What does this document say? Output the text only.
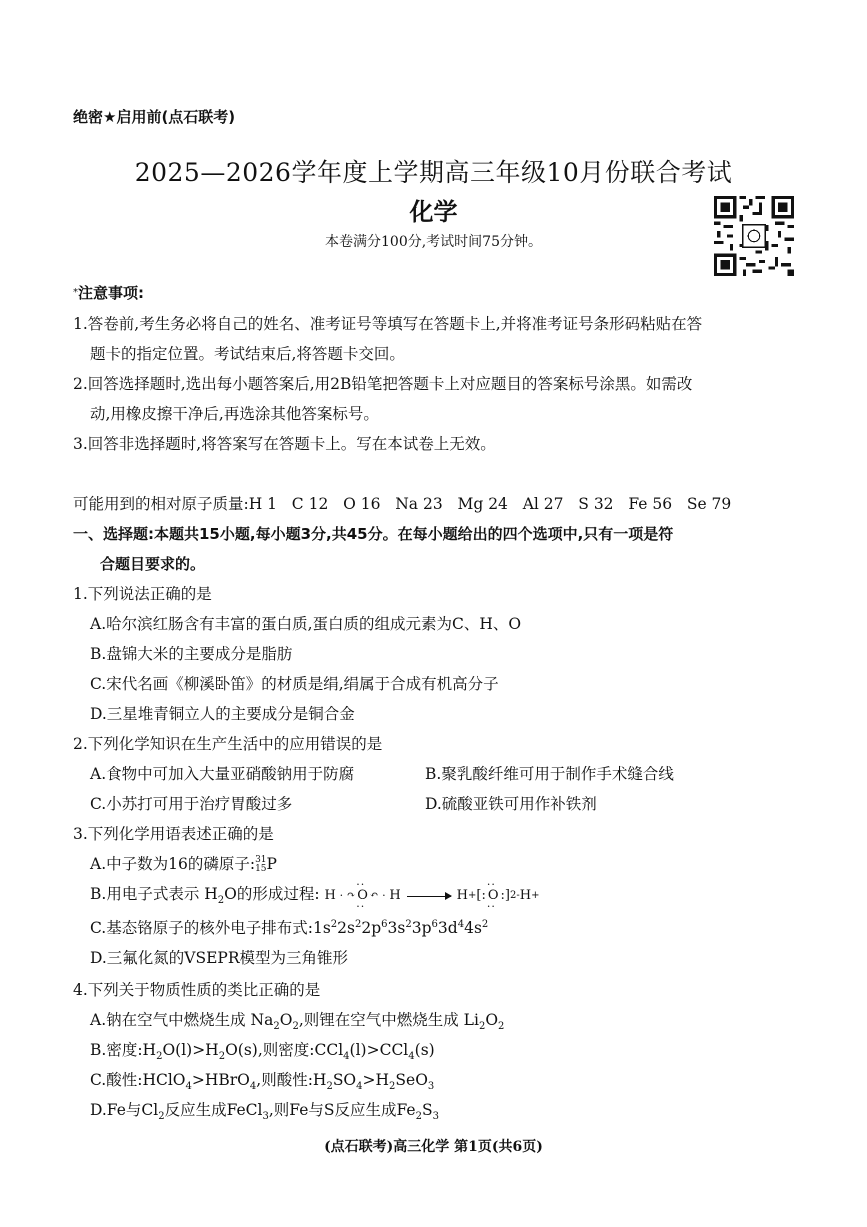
绝密★启用前(点石联考)
2025—2026学年度上学期高三年级10月份联合考试
化学
本卷满分100分,考试时间75分钟。
*注意事项:
1.答卷前,考生务必将自己的姓名、准考证号等填写在答题卡上,并将准考证号条形码粘贴在答
题卡的指定位置。考试结束后,将答题卡交回。
2.回答选择题时,选出每小题答案后,用2B铅笔把答题卡上对应题目的答案标号涂黑。如需改
动,用橡皮擦干净后,再选涂其他答案标号。
3.回答非选择题时,将答案写在答题卡上。写在本试卷上无效。
可能用到的相对原子质量:H 1   C 12   O 16   Na 23   Mg 24   Al 27   S 32   Fe 56   Se 79
一、选择题:本题共15小题,每小题3分,共45分。在每小题给出的四个选项中,只有一项是符
合题目要求的。
1.下列说法正确的是
A.哈尔滨红肠含有丰富的蛋白质,蛋白质的组成元素为C、H、O
B.盘锦大米的主要成分是脂肪
C.宋代名画《柳溪卧笛》的材质是绢,绢属于合成有机高分子
D.三星堆青铜立人的主要成分是铜合金
2.下列化学知识在生产生活中的应用错误的是
A.食物中可加入大量亚硝酸钠用于防腐	B.聚乳酸纤维可用于制作手术缝合线
C.小苏打可用于治疗胃酸过多	D.硫酸亚铁可用作补铁剂
3.下列化学用语表述正确的是
A.中子数为16的磷原子: 31
15 P
B.用电子式表示 $H_2O$的形成过程: H · ↷ ·· O ·· ↶ · H → H + [: ·· O ·· :] 2- H +
C.基态铬原子的核外电子排布式$:1s^22s^22p^63s^23p^63d^44s^2$
D.三氟化氮的VSEPR模型为三角锥形
4.下列关于物质性质的类比正确的是
A.钠在空气中燃烧生成 $Na_2O_2$,则锂在空气中燃烧生成 $Li_2O_2$
B.密度$:H_2O(l)>H_2O(s)$,则密度:CCl$_4$(l)>CCl$_4$(s)
C.酸性:HClO$_4$>HBrO$_4$,则酸性$:H_2SO_4>H_2SeO_3$
D.Fe与$Cl_2$反应生成FeCl$_3$,则Fe与S反应生成$Fe_2S_3$
(点石联考)高三化学 第1页(共6页)
